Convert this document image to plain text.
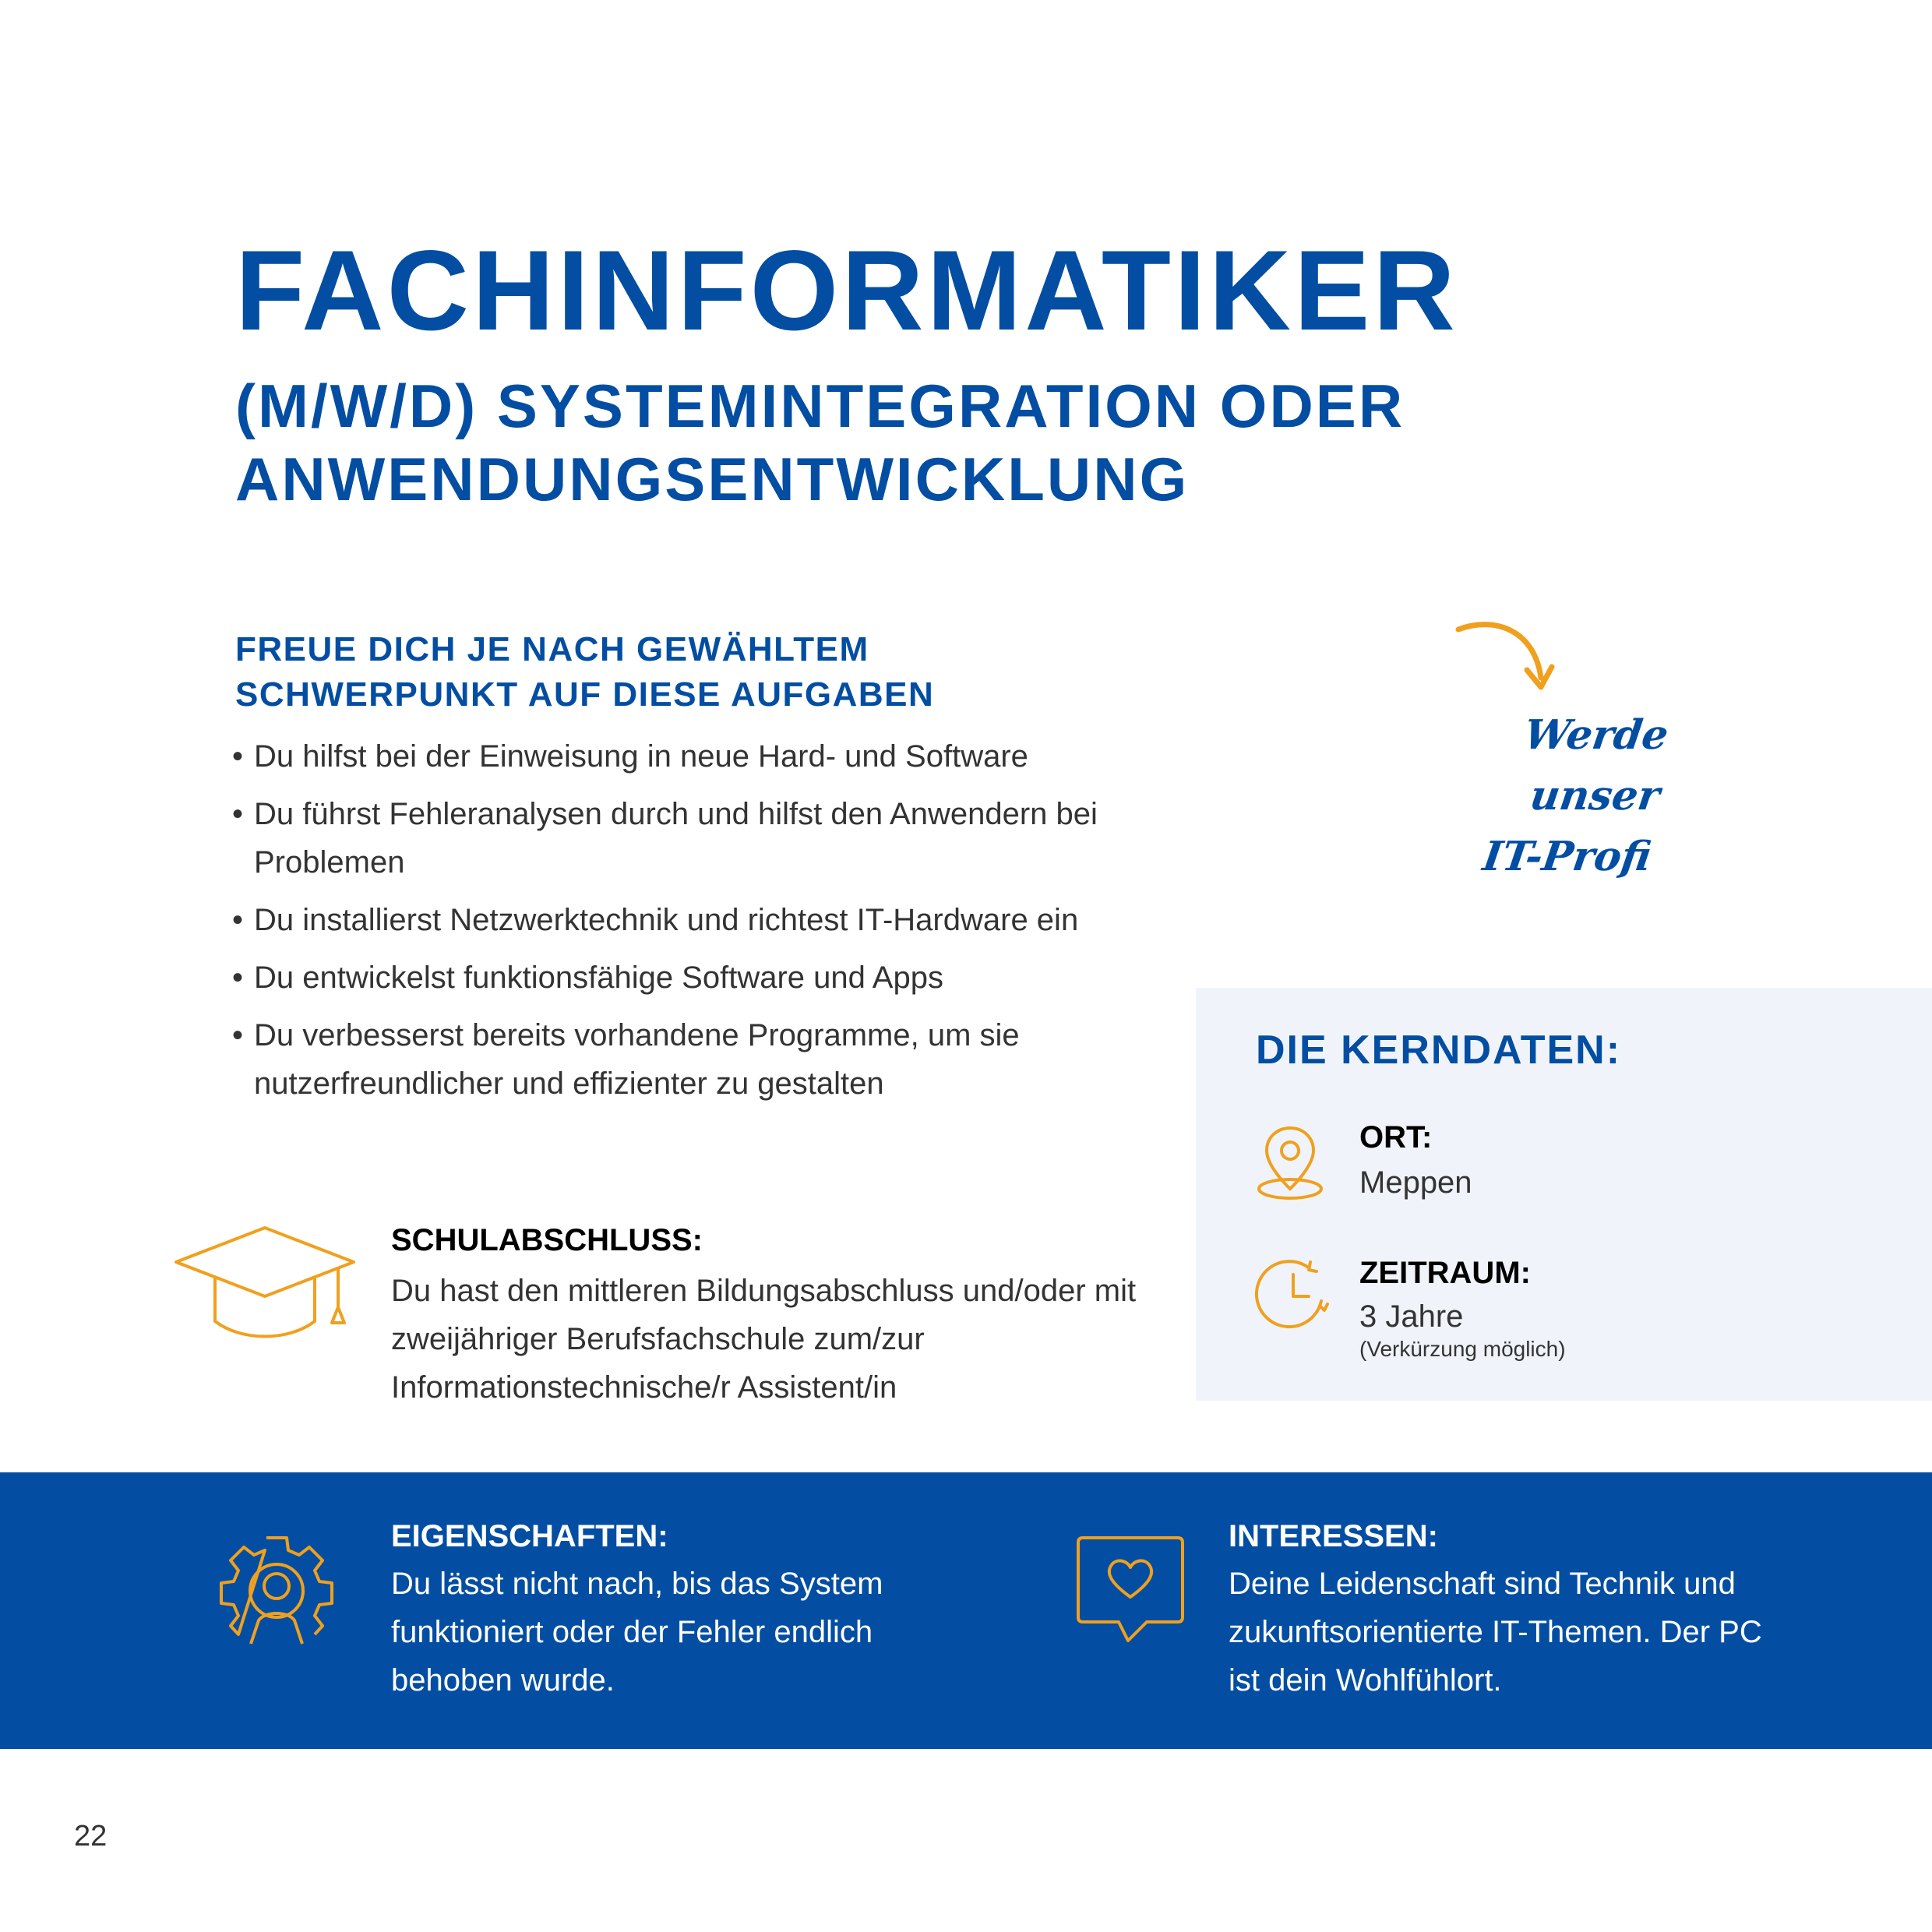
FACHINFORMATIKER
(M/W/D) SYSTEMINTEGRATION ODER
ANWENDUNGSENTWICKLUNG
FREUE DICH JE NACH GEWÄHLTEM
SCHWERPUNKT AUF DIESE AUFGABEN
• Du hilfst bei der Einweisung in neue Hard- und Software
• Du führst Fehleranalysen durch und hilfst den Anwendern bei Problemen
• Du installierst Netzwerktechnik und richtest IT-Hardware ein
• Du entwickelst funktionsfähige Software und Apps
• Du verbesserst bereits vorhandene Programme, um sie nutzerfreundlicher und effizienter zu gestalten
Werde unser
IT-Profi
DIE KERNDATEN:
ORT:
Meppen
ZEITRAUM:
3 Jahre
(Verkürzung möglich)
SCHULABSCHLUSS:
Du hast den mittleren Bildungsabschluss und/oder mit zweijähriger Berufsfachschule zum/zur Informationstechnische/r Assistent/in
EIGENSCHAFTEN:
Du lässt nicht nach, bis das System funktioniert oder der Fehler endlich behoben wurde.
INTERESSEN:
Deine Leidenschaft sind Technik und zukunftsorientierte IT-Themen. Der PC ist dein Wohlfühlort.
22
